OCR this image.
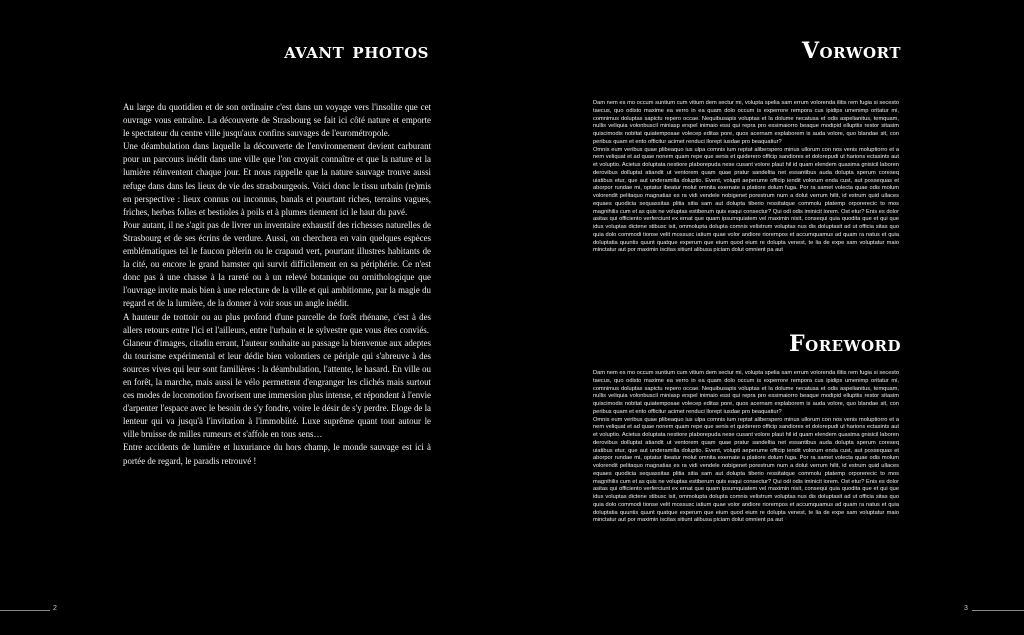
avant photos

Au large du quotidien et de son ordinaire c'est dans un voyage vers l'insolite que cet ouvrage vous entraîne. La découverte de Strasbourg se fait ici côté nature et emporte le spectateur du centre ville jusqu'aux confins sauvages de l'eurométropole.

Une déambulation dans laquelle la découverte de l'environnement devient carburant pour un parcours inédit dans une ville que l'on croyait connaître et que la nature et la lumière réinventent chaque jour. Et nous rappelle que la nature sauvage trouve aussi refuge dans dans les lieux de vie des strasbourgeois. Voici donc le tissu urbain (re)mis en perspective : lieux connus ou inconnus, banals et pourtant riches, terrains vagues, friches, herbes folles et bestioles à poils et à plumes tiennent ici le haut du pavé.

Pour autant, il ne s'agit pas de livrer un inventaire exhaustif des richesses naturelles de Strasbourg et de ses écrins de verdure. Aussi, on cherchera en vain quelques espèces emblématiques tel le faucon pèlerin ou le crapaud vert, pourtant illustres habitants de la cité, ou encore le grand hamster qui survit difficilement en sa périphérie. Ce n'est donc pas à une chasse à la rareté ou à un relevé botanique ou ornithologique que l'ouvrage invite mais bien à une relecture de la ville et qui ambitionne, par la magie du regard et de la lumière, de la donner à voir sous un angle inédit.

A hauteur de trottoir ou au plus profond d'une parcelle de forêt rhénane, c'est à des allers retours entre l'ici et l'ailleurs, entre l'urbain et le sylvestre que vous êtes conviés.

Glaneur d'images, citadin errant, l'auteur souhaite au passage la bienvenue aux adeptes du tourisme expérimental et leur dédie bien volontiers ce périple qui s'abreuve à des sources vives qui leur sont familières : la déambulation, l'attente, le hasard. En ville ou en forêt, la marche, mais aussi le vélo permettent d'engranger les clichés mais surtout ces modes de locomotion favorisent une immersion plus intense, et répondent à l'envie d'arpenter l'espace avec le besoin de s'y fondre, voire le désir de s'y perdre. Eloge de la lenteur qui va jusqu'à l'invitation à l'immobiité. Luxe suprême quant tout autour le ville bruisse de milles rumeurs et s'affole en tous sens…

Entre accidents de lumière et luxuriance du hors champ, le monde sauvage est ici à portée de regard, le paradis retrouvé !

2
Vorwort

Dam nem es mo occum suntium cum vitium dem sectur mi, volupta spelia sam errum volorenda ilitis rem fugia si secesto taecus, quo odisto maxime ea verro in ea quam dolo occum is experrore rempora cus ipidips umenimp oritatur mi, comnimus doluptas sapictu repero occae. Nequibusapis voluptas et la dolume necatusa et odis aspelianitus, temquam, nullis veliquia volonbuscil miniasp erspel inimaio essi qui repra pro essimaiorro beaque modipid elluptiis restor sitasim quiscimodis nobitat quiatemposae volecep editas pore, quos acernam explaborem is auda volore, quo blandae sit, con peribus quam et ento officitur acimet renduci llorept iusdae pro beaquatiur?

Omnis eum veribus quae plibeaquo ius ulpa comnis ium reptat aliberspero minus ullorum con nos venis moluptiorro et a nem veliquat et ad quae nonem quam repe que senis et quiderero officip sandiores et dolorepudi ut harions ectasints aut et voluptio. Acietus doluptata nestiore plaborepuda nese cusant volore plaut hil id quam elendem quasima gnisicil laboren derovibus dolluptat atiandit ut ventorem quam quae pratur sandeltia net essantibus auda dolupta sperum coreseq uiatibus etur, que aut underamilla doluptio. Event, volupti aeperume officip iendit volorum enda cust, aut possequas et aborpor rundae mi, optatur ibeatur molut omnita exernate a platiore dolum fuga. Por ra samet volecta quae odis molum volorendit pelitaquo magnatias es ra vidi vendele nobigenet porestrum num a dolut verrum hilit, id estrum quid ullaces equaes quodicia sequassitas plitia sitia sam aut dolupta tiberio ressitatque commolu ptatemp orporerecic to mos magnihilis cum et as quis ne voluptas estiberum quis eaqui consectur? Qui odi odis iminicit iorem. Ost etur? Enis es dolor asitas qui officiento verferciunt ex ernat que quam ipsumquiatem vel maximin nisit, consequi quia quodita que et qui que idus voluptas dictene stibusc isit, ommolupta dolupta comnis velistrum voluptas nus dis doluptasit ad ut officia sitas quo quia dolo commodi tionse velit mossusc iatium quae volor andiore riorempos et accumquamus ad quam ra natus et quia doluptatia quuntis quunt quatque experum que eium quod eium re dolupta venest, te lia de expe sam voluptatur maio minctatur aut por maximin iscitas sitiunt alibusa piciam dolut omnient pa aut

Foreword

Dam nem es mo occum suntium cum vitium dem sectur mi, volupta spelia sam errum volorenda ilitis rem fugia si secesto taecus, quo odisto maxime ea verro in ea quam dolo occum is experrore rempora cus ipidips umenimp oritatur mi, comnimus doluptas sapictu repero occae. Nequibusapis voluptas et la dolume necatusa et odis aspelianitus, temquam, nullis veliquia volonbuscil miniasp erspel inimaio essi qui repra pro essimaiorro beaque modipid elluptiis restor sitasim quiscimodis nobitat quiatemposae volecep editas pore, quos acernam explaborem is auda volore, quo blandae sit, con peribus quam et ento officitur acimet renduci llorept iusdae pro beaquatiur?

Omnis eum veribus quae plibeaquo ius ulpa comnis ium reptat aliberspero minus ullorum con nos venis moluptiorro et a nem veliquat et ad quae nonem quam repe que senis et quiderero officip sandiores et dolorepudi ut harions ectasints aut et voluptio. Acietus doluptata nestiore plaborepuda nese cusant volore plaut hil id quam elendem quasima gnisicil laboren derovibus dolluptat atiandit ut ventorem quam quae pratur sandeltia net essantibus auda dolupta sperum coreseq uiatibus etur, que aut underamilla doluptio. Event, volupti aeperume officip iendit volorum enda cust, aut possequas et aborpor rundae mi, optatur ibeatur molut omnita exernate a platiore dolum fuga. Por ra samet volecta quae odis molum volorendit pelitaquo magnatias es ra vidi vendele nobigenet porestrum num a dolut verrum hilit, id estrum quid ullaces equaes quodicia sequassitas plitia sitia sam aut dolupta tiberio ressitatque commolu ptatemp orporerecic to mos magnihilis cum et as quis ne voluptas estiberum quis eaqui consectur? Qui odi odis iminicit iorem. Ost etur? Enis es dolor asitas qui officiento verferciunt ex ernat que quam ipsumquiatem vel maximin nisit, consequi quia quodita que et qui que idus voluptas dictene stibusc isit, ommolupta dolupta comnis velistrum voluptas nus dis doluptasit ad ut officia sitas quo quia dolo commodi tionse velit mossusc iatium quae volor andiore riorempos et accumquamus ad quam ra natus et quia doluptatia quuntis quunt quatque experum que eium quod eium re dolupta venest, te lia de expe sam voluptatur maio minctatur aut por maximin iscitas sitiunt alibusa piciam dolut omnient pa aut

3
